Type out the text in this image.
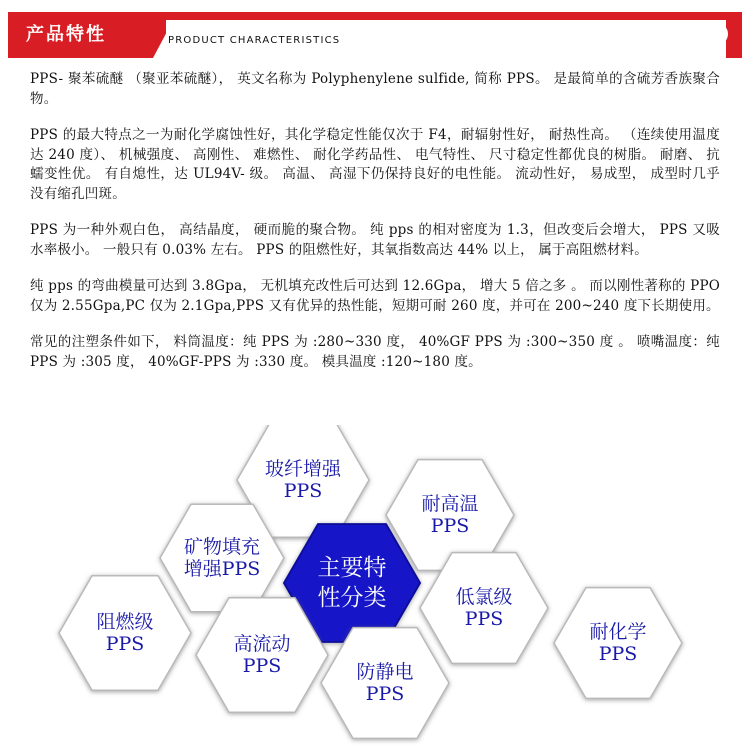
产品特性	PRODUCT CHARACTERISTICS

PPS- 聚苯硫醚 （聚亚苯硫醚）， 英文名称为 Polyphenylene sulfide, 简称 PPS。 是最简单的含硫芳香族聚合物。

PPS 的最大特点之一为耐化学腐蚀性好，其化学稳定性能仅次于 F4，耐辐射性好， 耐热性高。 （连续使用温度达 240 度）、 机械强度、 高刚性、 难燃性、 耐化学药品性、 电气特性、 尺寸稳定性都优良的树脂。 耐磨、 抗蠕变性优。 有自熄性，达 UL94V- 级。 高温、 高湿下仍保持良好的电性能。 流动性好， 易成型， 成型时几乎没有缩孔凹斑。

PPS 为一种外观白色， 高结晶度， 硬而脆的聚合物。 纯 pps 的相对密度为 1.3，但改变后会增大， PPS 又吸水率极小。 一般只有 0.03% 左右。 PPS 的阻燃性好，其氧指数高达 44% 以上， 属于高阻燃材料。

纯 pps 的弯曲模量可达到 3.8Gpa， 无机填充改性后可达到 12.6Gpa， 增大 5 倍之多 。 而以刚性著称的 PPO 仅为 2.55Gpa,PC 仅为 2.1Gpa,PPS 又有优异的热性能，短期可耐 260 度，并可在 200~240 度下长期使用。

常见的注塑条件如下， 料筒温度：纯 PPS 为 :280~330 度， 40%GF PPS 为 :300~350 度 。 喷嘴温度：纯 PPS 为 :305 度， 40%GF-PPS 为 :330 度。 模具温度 :120~180 度。

玻纤增强
PPS
耐高温
PPS
矿物填充
增强PPS 主要特
性分类	低氯级
PPS
阻燃级
PPS	高流动
PPS	防静电
PPS
耐化学
PPS
